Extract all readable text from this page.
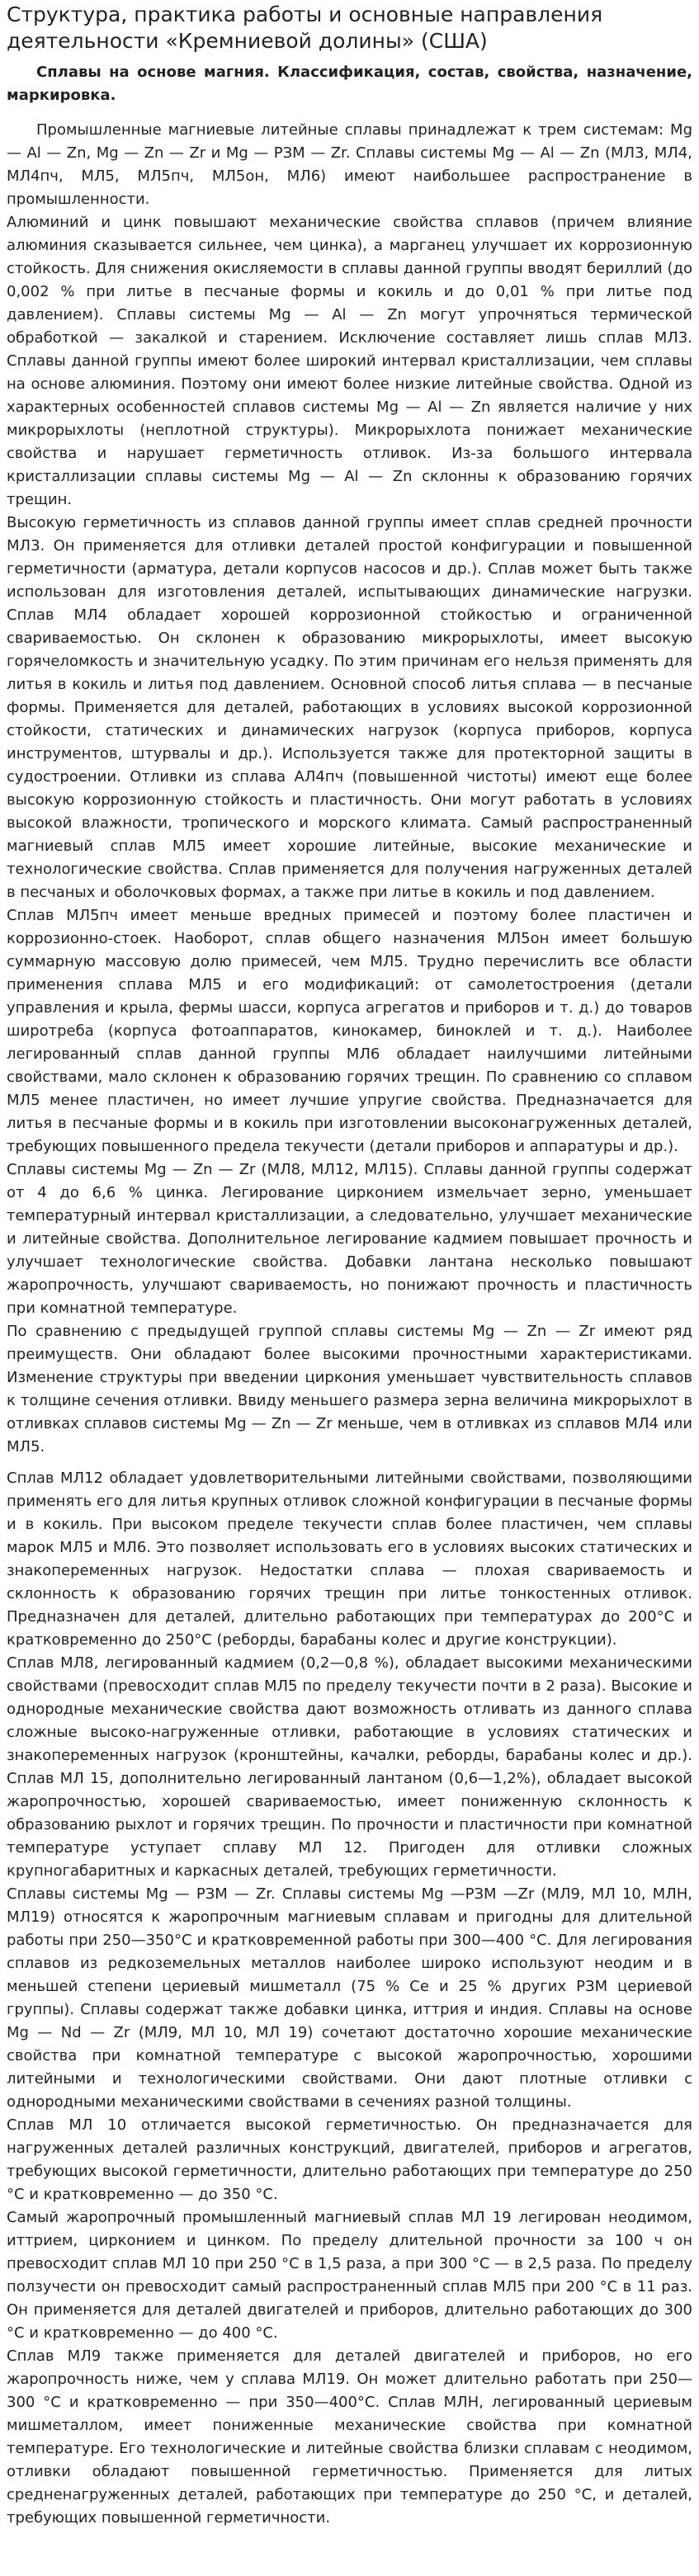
Структура, практика работы и основные направления деятельности «Кремниевой долины» (США)

Сплавы на основе магния. Классификация, состав, свойства, назначение, маркировка.

Промышленные магниевые литейные сплавы принадлежат к трем системам: Mg — Al — Zn, Mg — Zn — Zr и Mg — РЗМ — Zr. Сплавы системы Mg — Al — Zn (МЛ3, МЛ4, МЛ4пч, МЛ5, МЛ5пч, МЛ5он, МЛ6) имеют наибольшее распространение в промышленности.

Алюминий и цинк повышают механические свойства сплавов (причем влияние алюминия сказывается сильнее, чем цинка), а марганец улучшает их коррозионную стойкость. Для снижения окисляемости в сплавы данной группы вводят бериллий (до 0,002 % при литье в песчаные формы и кокиль и до 0,01 % при литье под давлением). Сплавы системы Mg — Al — Zn могут упрочняться термической обработкой — закалкой и старением. Исключение составляет лишь сплав МЛ3. Сплавы данной группы имеют более широкий интервал кристаллизации, чем сплавы на основе алюминия. Поэтому они имеют более низкие литейные свойства. Одной из характерных особенностей сплавов системы Mg — Al — Zn является наличие у них микрорыхлоты (неплотной структуры). Микрорыхлота понижает механические свойства и нарушает герметичность отливок. Из-за большого интервала кристаллизации сплавы системы Mg — Al — Zn склонны к образованию горячих трещин.

Высокую герметичность из сплавов данной группы имеет сплав средней прочности МЛ3. Он применяется для отливки деталей простой конфигурации и повышенной герметичности (арматура, детали корпусов насосов и др.). Сплав может быть также использован для изготовления деталей, испытывающих динамические нагрузки. Сплав МЛ4 обладает хорошей коррозионной стойкостью и ограниченной свариваемостью. Он склонен к образованию микрорыхлоты, имеет высокую горячеломкость и значительную усадку. По этим причинам его нельзя применять для литья в кокиль и литья под давлением. Основной способ литья сплава — в песчаные формы. Применяется для деталей, работающих в условиях высокой коррозионной стойкости, статических и динамических нагрузок (корпуса приборов, корпуса инструментов, штурвалы и др.). Используется также для протекторной защиты в судостроении. Отливки из сплава АЛ4пч (повышенной чистоты) имеют еще более высокую коррозионную стойкость и пластичность. Они могут работать в условиях высокой влажности, тропического и морского климата. Самый распространенный магниевый сплав МЛ5 имеет хорошие литейные, высокие механические и технологические свойства. Сплав применяется для получения нагруженных деталей в песчаных и оболочковых формах, а также при литье в кокиль и под давлением.

Сплав МЛ5пч имеет меньше вредных примесей и поэтому более пластичен и коррозионно-стоек. Наоборот, сплав общего назначения МЛ5он имеет большую суммарную массовую долю примесей, чем МЛ5. Трудно перечислить все области применения сплава МЛ5 и его модификаций: от самолетостроения (детали управления и крыла, фермы шасси, корпуса агрегатов и приборов и т. д.) до товаров широтреба (корпуса фотоаппаратов, кинокамер, биноклей и т. д.). Наиболее легированный сплав данной группы МЛ6 обладает наилучшими литейными свойствами, мало склонен к образованию горячих трещин. По сравнению со сплавом МЛ5 менее пластичен, но имеет лучшие упругие свойства. Предназначается для литья в песчаные формы и в кокиль при изготовлении высоконагруженных деталей, требующих повышенного предела текучести (детали приборов и аппаратуры и др.).

Сплавы системы Mg — Zn — Zr (МЛ8, МЛ12, МЛ15). Сплавы данной группы содержат от 4 до 6,6 % цинка. Легирование цирконием измельчает зерно, уменьшает температурный интервал кристаллизации, а следовательно, улучшает механические и литейные свойства. Дополнительное легирование кадмием повышает прочность и улучшает технологические свойства. Добавки лантана несколько повышают жаропрочность, улучшают свариваемость, но понижают прочность и пластичность при комнатной температуре.

По сравнению с предыдущей группой сплавы системы Mg — Zn — Zr имеют ряд преимуществ. Они обладают более высокими прочностными характеристиками. Изменение структуры при введении циркония уменьшает чувствительность сплавов к толщине сечения отливки. Ввиду меньшего размера зерна величина микрорыхлот в отливках сплавов системы Mg — Zn — Zr меньше, чем в отливках из сплавов МЛ4 или МЛ5.

Сплав МЛ12 обладает удовлетворительными литейными свойствами, позволяющими применять его для литья крупных отливок сложной конфигурации в песчаные формы и в кокиль. При высоком пределе текучести сплав более пластичен, чем сплавы марок МЛ5 и МЛ6. Это позволяет использовать его в условиях высоких статических и знакопеременных нагрузок. Недостатки сплава — плохая свариваемость и склонность к образованию горячих трещин при литье тонкостенных отливок. Предназначен для деталей, длительно работающих при температурах до 200°С и кратковременно до 250°С (реборды, барабаны колес и другие конструкции).

Сплав МЛ8, легированный кадмием (0,2—0,8 %), обладает высокими механическими свойствами (превосходит сплав МЛ5 по пределу текучести почти в 2 раза). Высокие и однородные механические свойства дают возможность отливать из данного сплава сложные высоко-нагруженные отливки, работающие в условиях статических и знакопеременных нагрузок (кронштейны, качалки, реборды, барабаны колес и др.). Сплав МЛ 15, дополнительно легированный лантаном (0,6—1,2%), обладает высокой жаропрочностью, хорошей свариваемостью, имеет пониженную склонность к образованию рыхлот и горячих трещин. По прочности и пластичности при комнатной температуре уступает сплаву МЛ 12. Пригоден для отливки сложных крупногабаритных и каркасных деталей, требующих герметичности.

Сплавы системы Mg — РЗМ — Zr. Сплавы системы Mg —РЗМ —Zr (МЛ9, МЛ 10, МЛН, МЛ19) относятся к жаропрочным магниевым сплавам и пригодны для длительной работы при 250—350°С и кратковременной работы при 300—400 °С. Для легирования сплавов из редкоземельных металлов наиболее широко используют неодим и в меньшей степени цериевый мишметалл (75 % Се и 25 % других РЗМ цериевой группы). Сплавы содержат также добавки цинка, иттрия и индия. Сплавы на основе Mg — Nd — Zr (МЛ9, МЛ 10, МЛ 19) сочетают достаточно хорошие механические свойства при комнатной температуре с высокой жаропрочностью, хорошими литейными и технологическими свойствами. Они дают плотные отливки с однородными механическими свойствами в сечениях разной толщины.

Сплав МЛ 10 отличается высокой герметичностью. Он предназначается для нагруженных деталей различных конструкций, двигателей, приборов и агрегатов, требующих высокой герметичности, длительно работающих при температуре до 250 °С и кратковременно — до 350 °С.

Самый жаропрочный промышленный магниевый сплав МЛ 19 легирован неодимом, иттрием, цирконием и цинком. По пределу длительной прочности за 100 ч он превосходит сплав МЛ 10 при 250 °С в 1,5 раза, а при 300 °С — в 2,5 раза. По пределу ползучести он превосходит самый распространенный сплав МЛ5 при 200 °С в 11 раз. Он применяется для деталей двигателей и приборов, длительно работающих до 300 °С и кратковременно — до 400 °С.

Сплав МЛ9 также применяется для деталей двигателей и приборов, но его жаропрочность ниже, чем у сплава МЛ19. Он может длительно работать при 250—300 °С и кратковременно — при 350—400°С. Сплав МЛН, легированный цериевым мишметаллом, имеет пониженные механические свойства при комнатной температуре. Его технологические и литейные свойства близки сплавам с неодимом, отливки обладают повышенной герметичностью. Применяется для литых средненагруженных деталей, работающих при температуре до 250 °С, и деталей, требующих повышенной герметичности.
